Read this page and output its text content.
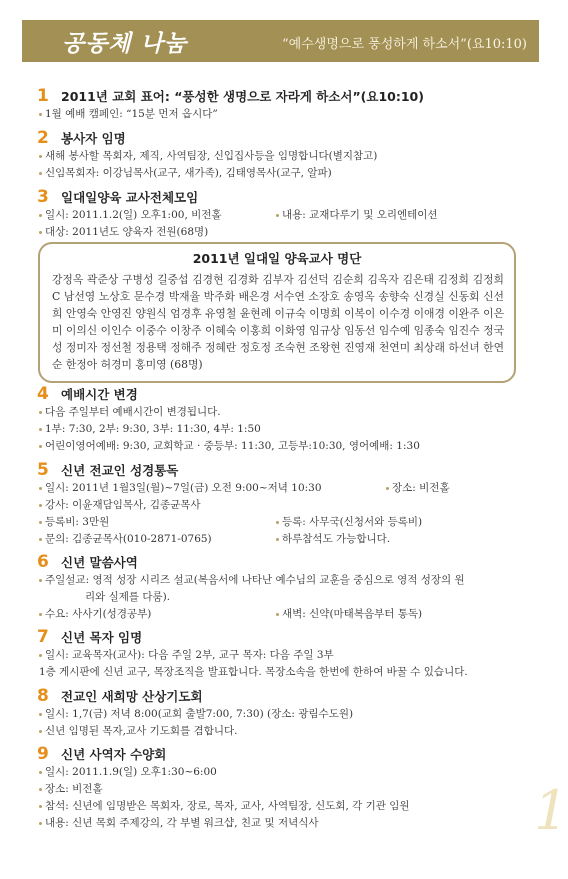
공동체 나눔	“예수생명으로 풍성하게 하소서”(요10:10)
1 2011년 교회 표어: “풍성한 생명으로 자라게 하소서”(요10:10)
1월 예배 캠페인: “15분 먼저 옵시다”
2 봉사자 임명
새해 봉사할 목회자, 제직, 사역팀장, 신입집사등을 임명합니다(별지참고)
신임목회자: 이강님목사(교구, 새가족), 김태영목사(교구, 알파)
3 일대일양육 교사전체모임
일시: 2011.1.2(일) 오후1:00, 비전홀	내용: 교재다루기 및 오리엔테이션
대상: 2011년도 양육자 전원(68명)
2011년 일대일 양육교사 명단
강정옥 곽준상 구병성 길중섭 김경현 김경화 김부자 김선덕 김순희 김옥자 김은태 김정희 김정희C 남선영 노상호 문수경 박재율 박주화 배은경 서수연 소장호 송영옥 송향숙 신경실 신동회 신선희 안영숙 안영진 양원식 엄경후 유영철 윤현례 이규숙 이명희 이복이 이수경 이애경 이완주 이은미 이의신 이인수 이중수 이창주 이혜숙 이홍희 이화영 임규상 임동선 임수예 임종숙 임진수 정국성 정미자 정선철 정용택 정해주 정혜란 정호정 조숙현 조왕현 진영재 천연미 최상래 하선녀 한연순 한정아 허경미 홍미영 (68명)
4 예배시간 변경
다음 주일부터 예배시간이 변경됩니다.
1부: 7:30, 2부: 9:30, 3부: 11:30, 4부: 1:50
어린이영어예배: 9:30, 교회학교 · 중등부: 11:30, 고등부:10:30, 영어예배: 1:30
5 신년 전교인 성경통독
일시: 2011년 1월3일(월)~7일(금) 오전 9:00~저녁 10:30	장소: 비전홀
강사: 이윤재담임목사, 김종균목사
등록비: 3만원	등록: 사무국(신청서와 등록비)
문의: 김종균목사(010-2871-0765)	하루참석도 가능합니다.
6 신년 말씀사역
주일설교: 영적 성장 시리즈 설교(복음서에 나타난 예수님의 교훈을 중심으로 영적 성장의 원
리와 실제를 다룸).
수요: 사사기(성경공부)	새벽: 신약(마태복음부터 통독)
7 신년 목자 임명
일시: 교육목자(교사): 다음 주일 2부, 교구 목자: 다음 주일 3부
1층 게시판에 신년 교구, 목장조직을 발표합니다. 목장소속을 한번에 한하여 바꿀 수 있습니다.
8 전교인 새희망 산상기도회
일시: 1,7(금) 저녁 8:00(교회 출발7:00, 7:30) (장소: 광림수도원)
신년 임명된 목자,교사 기도회를 겸합니다.
9 신년 사역자 수양회
일시: 2011.1.9(일) 오후1:30~6:00
장소: 비전홀
참석: 신년에 임명받은 목회자, 장로, 목자, 교사, 사역팀장, 신도회, 각 기관 임원
내용: 신년 목회 주제강의, 각 부별 워크샵, 친교 및 저녁식사	1
